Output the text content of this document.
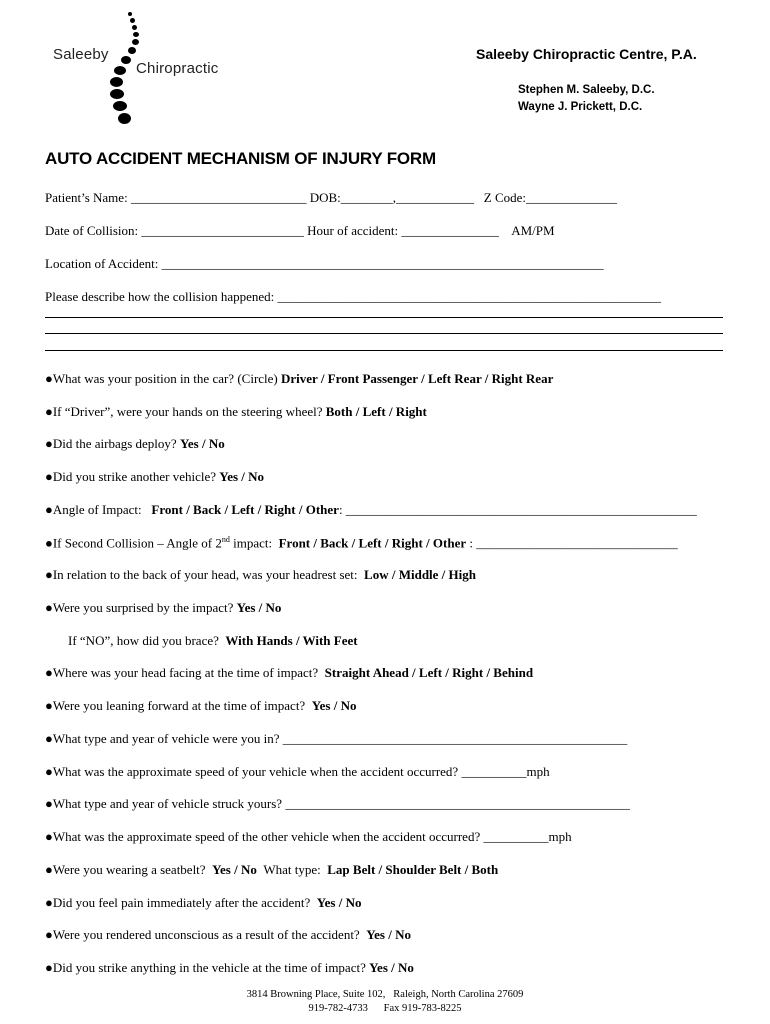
Saleeby
Chiropractic
Saleeby Chiropractic Centre, P.A.
Stephen M. Saleeby, D.C.
Wayne J. Prickett, D.C.
AUTO ACCIDENT MECHANISM OF INJURY FORM
Patient’s Name: ___________________________ DOB:________,____________ Z Code:______________
Date of Collision: _________________________ Hour of accident: _______________    AM/PM
Location of Accident: ____________________________________________________________________
Please describe how the collision happened: ___________________________________________________________
●What was your position in the car? (Circle) Driver / Front Passenger / Left Rear / Right Rear
●If “Driver”, were your hands on the steering wheel? Both / Left / Right
●Did the airbags deploy? Yes / No
●Did you strike another vehicle? Yes / No
●Angle of Impact: Front / Back / Left / Right / Other: ______________________________________________________
●If Second Collision – Angle of 2nd impact: Front / Back / Left / Right / Other : _______________________________
●In relation to the back of your head, was your headrest set: Low / Middle / High
●Were you surprised by the impact? Yes / No
If “NO”, how did you brace? With Hands / With Feet
●Where was your head facing at the time of impact? Straight Ahead / Left / Right / Behind
●Were you leaning forward at the time of impact? Yes / No
●What type and year of vehicle were you in? _____________________________________________________
●What was the approximate speed of your vehicle when the accident occurred? __________mph
●What type and year of vehicle struck yours? _____________________________________________________
●What was the approximate speed of the other vehicle when the accident occurred? __________mph
●Were you wearing a seatbelt? Yes / No What type: Lap Belt / Shoulder Belt / Both
●Did you feel pain immediately after the accident? Yes / No
●Were you rendered unconscious as a result of the accident? Yes / No
●Did you strike anything in the vehicle at the time of impact? Yes / No
3814 Browning Place, Suite 102,   Raleigh, North Carolina 27609
919-782-4733      Fax 919-783-8225
